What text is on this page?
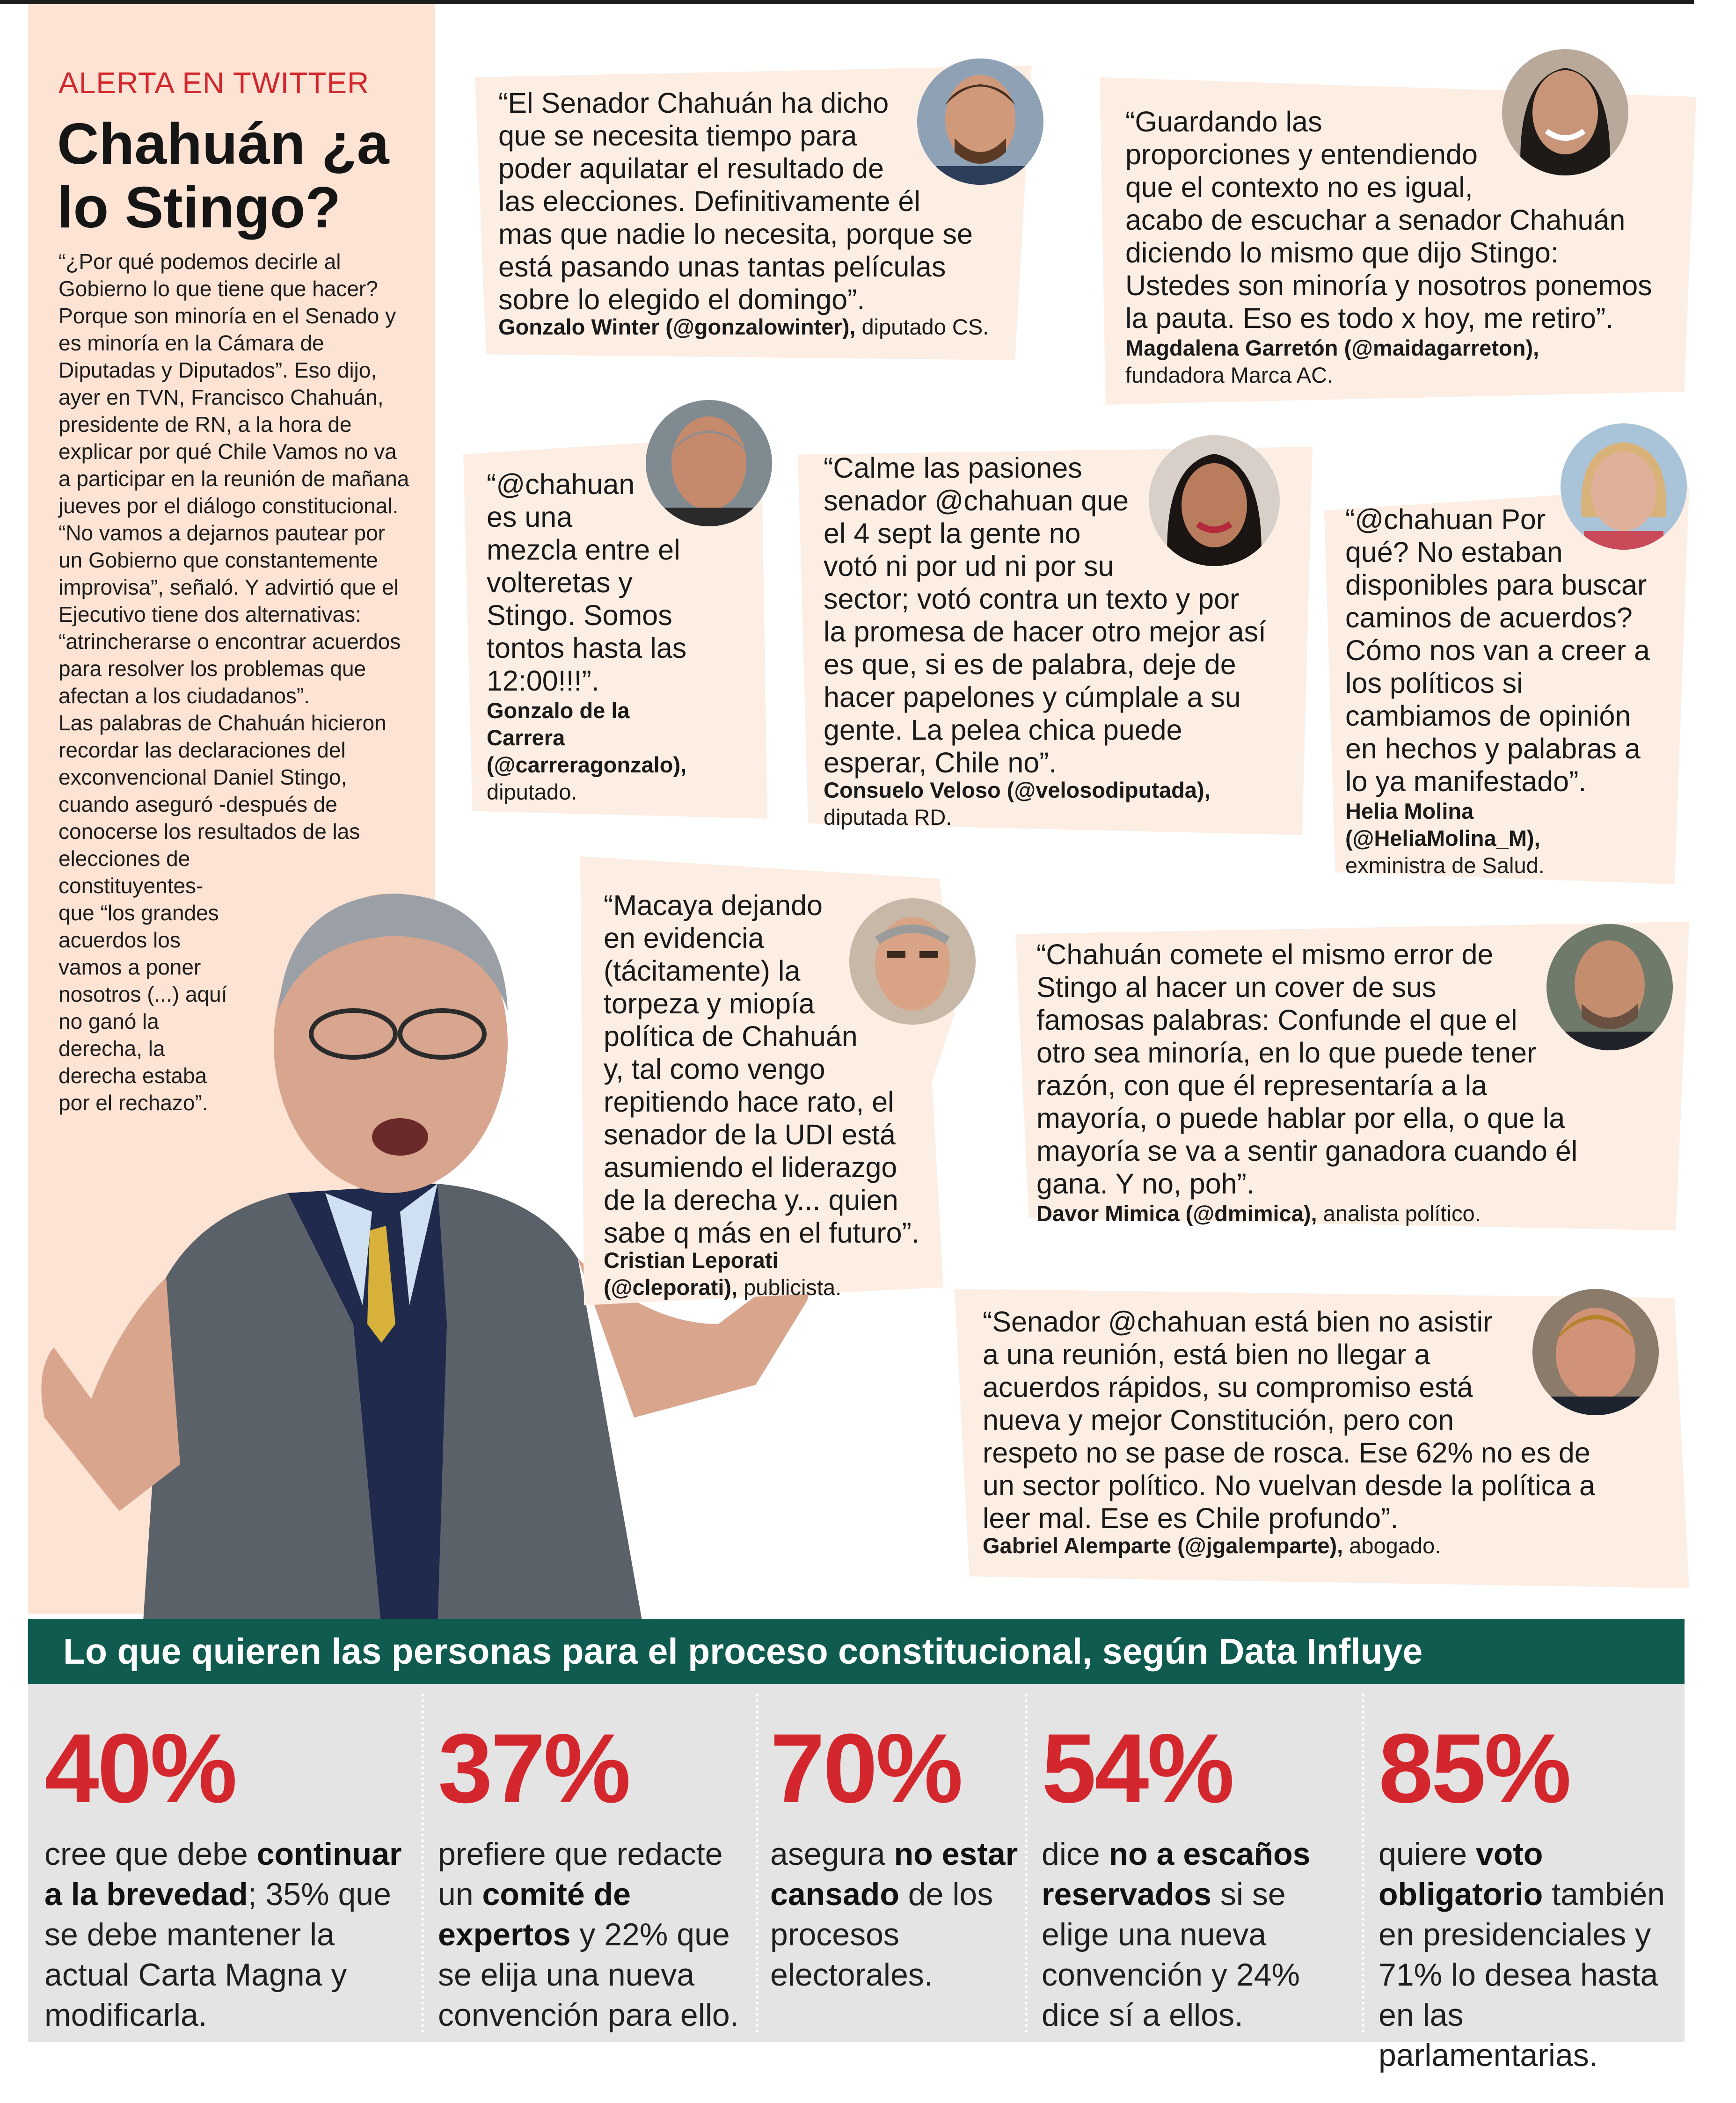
ALERTA EN TWITTER
Chahuán ¿a lo Stingo?
“¿Por qué podemos decirle al Gobierno lo que tiene que hacer? Porque son minoría en el Senado y es minoría en la Cámara de Diputadas y Diputados”. Eso dijo, ayer en TVN, Francisco Chahuán, presidente de RN, a la hora de explicar por qué Chile Vamos no va a participar en la reunión de mañana jueves por el diálogo constitucional.
“No vamos a dejarnos pautear por un Gobierno que constantemente improvisa”, señaló. Y advirtió que el Ejecutivo tiene dos alternativas: “atrincherarse o encontrar acuerdos para resolver los problemas que afectan a los ciudadanos”.
Las palabras de Chahuán hicieron recordar las declaraciones del exconvencional Daniel Stingo, cuando aseguró -después de conocerse los resultados de las elecciones de constituyentes- que “los grandes acuerdos los vamos a poner nosotros (...) aquí no ganó la derecha, la derecha estaba por el rechazo”.

“El Senador Chahuán ha dicho
que se necesita tiempo para
poder aquilatar el resultado de
las elecciones. Definitivamente él
mas que nadie lo necesita, porque se
está pasando unas tantas películas
sobre lo elegido el domingo”.

Gonzalo Winter (@gonzalowinter), diputado CS.

“Guardando las
proporciones y entendiendo
que el contexto no es igual,
acabo de escuchar a senador Chahuán
diciendo lo mismo que dijo Stingo:
Ustedes son minoría y nosotros ponemos
la pauta. Eso es todo x hoy, me retiro”.

Magdalena Garretón (@maidagarreton),
fundadora Marca AC.

“@chahuan
es una
mezcla entre el
volteretas y
Stingo. Somos
tontos hasta las
12:00!!!”.

Gonzalo de la
Carrera
(@carreragonzalo),
diputado.

“Calme las pasiones
senador @chahuan que
el 4 sept la gente no
votó ni por ud ni por su
sector; votó contra un texto y por
la promesa de hacer otro mejor así
es que, si es de palabra, deje de
hacer papelones y cúmplale a su
gente. La pelea chica puede
esperar, Chile no”.

Consuelo Veloso (@velosodiputada),
diputada RD.

“@chahuan Por
qué? No estaban
disponibles para buscar
caminos de acuerdos?
Cómo nos van a creer a
los políticos si
cambiamos de opinión
en hechos y palabras a
lo ya manifestado”.

Helia Molina
(@HeliaMolina_M),
exministra de Salud.

“Macaya dejando
en evidencia
(tácitamente) la
torpeza y miopía
política de Chahuán
y, tal como vengo
repitiendo hace rato, el
senador de la UDI está
asumiendo el liderazgo
de la derecha y... quien
sabe q más en el futuro”.

Cristian Leporati
(@cleporati), publicista.

“Chahuán comete el mismo error de
Stingo al hacer un cover de sus
famosas palabras: Confunde el que el
otro sea minoría, en lo que puede tener
razón, con que él representaría a la
mayoría, o puede hablar por ella, o que la
mayoría se va a sentir ganadora cuando él
gana. Y no, poh”.

Davor Mimica (@dmimica), analista político.

“Senador @chahuan está bien no asistir
a una reunión, está bien no llegar a
acuerdos rápidos, su compromiso está
nueva y mejor Constitución, pero con
respeto no se pase de rosca. Ese 62% no es de
un sector político. No vuelvan desde la política a
leer mal. Ese es Chile profundo”.

Gabriel Alemparte (@jgalemparte), abogado.

Lo que quieren las personas para el proceso constitucional, según Data Influye

40%

cree que debe continuar a la brevedad; 35% que se debe mantener la actual Carta Magna y modificarla.

37%

prefiere que redacte un comité de expertos y 22% que se elija una nueva convención para ello.

70%

asegura no estar cansado de los procesos electorales.

54%

dice no a escaños reservados si se elige una nueva convención y 24% dice sí a ellos.

85%

quiere voto obligatorio también en presidenciales y 71% lo desea hasta en las parlamentarias.
